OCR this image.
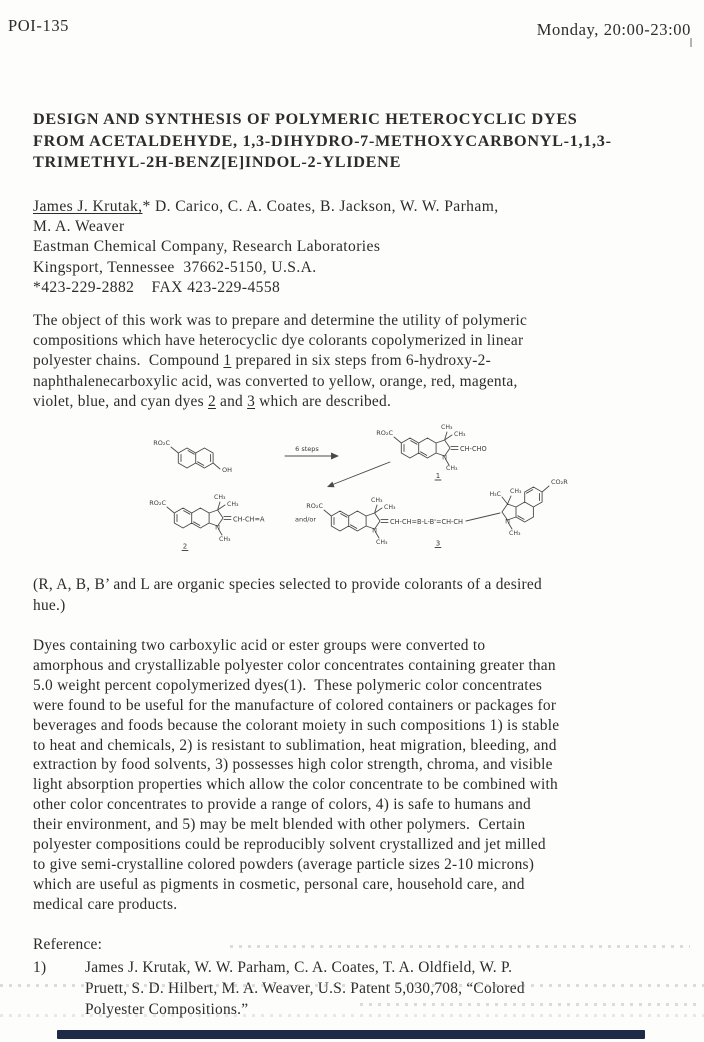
POI-135	Monday, 20:00-23:00
DESIGN AND SYNTHESIS OF POLYMERIC HETEROCYCLIC DYES
FROM ACETALDEHYDE, 1,3-DIHYDRO-7-METHOXYCARBONYL-1,1,3-
TRIMETHYL-2H-BENZ[E]INDOL-2-YLIDENE
James J. Krutak,* D. Carico, C. A. Coates, B. Jackson, W. W. Parham,
M. A. Weaver
Eastman Chemical Company, Research Laboratories
Kingsport, Tennessee  37662-5150, U.S.A.
*423-229-2882    FAX 423-229-4558
The object of this work was to prepare and determine the utility of polymeric
compositions which have heterocyclic dye colorants copolymerized in linear
polyester chains.  Compound 1 prepared in six steps from 6-hydroxy-2-
naphthalenecarboxylic acid, was converted to yellow, orange, red, magenta,
violet, blue, and cyan dyes 2 and 3 which are described.
RO₂C
OH
6 steps
RO₂C
CH₃
CH₃
N
CH₃
CH-CHO
1
RO₂C
CH₃
CH₃
N
CH₃
CH-CH=A
2
and/or
RO₂C
CH₃
CH₃
N
CH₃
CH-CH=B-L-B'=CH-CH
3
CO₂R
H₃C CH₃
N
CH₃
(R, A, B, B’ and L are organic species selected to provide colorants of a desired
hue.)
Dyes containing two carboxylic acid or ester groups were converted to
amorphous and crystallizable polyester color concentrates containing greater than
5.0 weight percent copolymerized dyes(1).  These polymeric color concentrates
were found to be useful for the manufacture of colored containers or packages for
beverages and foods because the colorant moiety in such compositions 1) is stable
to heat and chemicals, 2) is resistant to sublimation, heat migration, bleeding, and
extraction by food solvents, 3) possesses high color strength, chroma, and visible
light absorption properties which allow the color concentrate to be combined with
other color concentrates to provide a range of colors, 4) is safe to humans and
their environment, and 5) may be melt blended with other polymers.  Certain
polyester compositions could be reproducibly solvent crystallized and jet milled
to give semi-crystalline colored powders (average particle sizes 2-10 microns)
which are useful as pigments in cosmetic, personal care, household care, and
medical care products.
Reference:
1)	James J. Krutak, W. W. Parham, C. A. Coates, T. A. Oldfield, W. P.
Pruett, S. D. Hilbert, M. A. Weaver, U.S. Patent 5,030,708, “Colored
Polyester Compositions.”
